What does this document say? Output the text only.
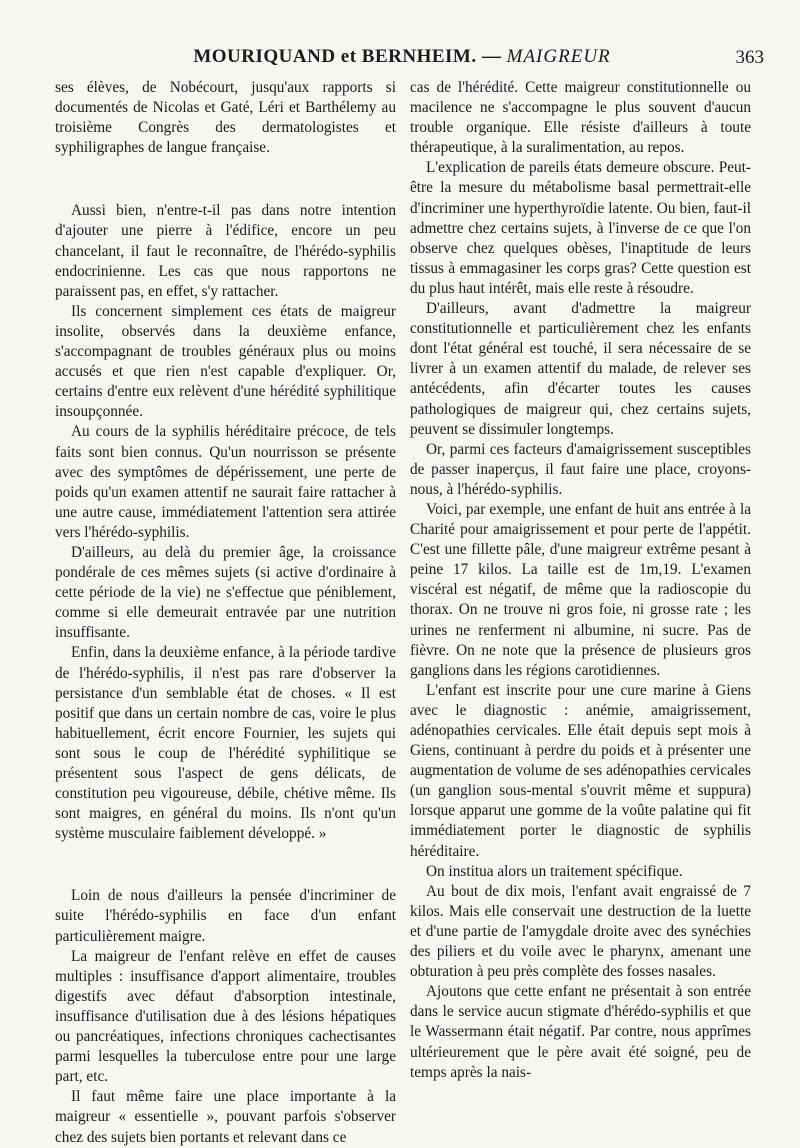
MOURIQUAND et BERNHEIM. — MAIGREUR	363

ses élèves, de Nobécourt, jusqu'aux rapports si documentés de Nicolas et Gaté, Léri et Barthélemy au troisième Congrès des dermatologistes et syphiligraphes de langue française.

Aussi bien, n'entre-t-il pas dans notre intention d'ajouter une pierre à l'édifice, encore un peu chancelant, il faut le reconnaître, de l'hérédo-syphilis endocrinienne. Les cas que nous rapportons ne paraissent pas, en effet, s'y rattacher.

Ils concernent simplement ces états de maigreur insolite, observés dans la deuxième enfance, s'accompagnant de troubles généraux plus ou moins accusés et que rien n'est capable d'expliquer. Or, certains d'entre eux relèvent d'une hérédité syphilitique insoupçonnée.

Au cours de la syphilis héréditaire précoce, de tels faits sont bien connus. Qu'un nourrisson se présente avec des symptômes de dépérissement, une perte de poids qu'un examen attentif ne saurait faire rattacher à une autre cause, immédiatement l'attention sera attirée vers l'hérédo-syphilis.

D'ailleurs, au delà du premier âge, la croissance pondérale de ces mêmes sujets (si active d'ordinaire à cette période de la vie) ne s'effectue que péniblement, comme si elle demeurait entravée par une nutrition insuffisante.

Enfin, dans la deuxième enfance, à la période tardive de l'hérédo-syphilis, il n'est pas rare d'observer la persistance d'un semblable état de choses. « Il est positif que dans un certain nombre de cas, voire le plus habituellement, écrit encore Fournier, les sujets qui sont sous le coup de l'hérédité syphilitique se présentent sous l'aspect de gens délicats, de constitution peu vigoureuse, débile, chétive même. Ils sont maigres, en général du moins. Ils n'ont qu'un système musculaire faiblement développé. »

Loin de nous d'ailleurs la pensée d'incriminer de suite l'hérédo-syphilis en face d'un enfant particulièrement maigre.

La maigreur de l'enfant relève en effet de causes multiples : insuffisance d'apport alimentaire, troubles digestifs avec défaut d'absorption intestinale, insuffisance d'utilisation due à des lésions hépatiques ou pancréatiques, infections chroniques cachectisantes parmi lesquelles la tuberculose entre pour une large part, etc.

Il faut même faire une place importante à la maigreur « essentielle », pouvant parfois s'observer chez des sujets bien portants et relevant dans ce

cas de l'hérédité. Cette maigreur constitutionnelle ou macilence ne s'accompagne le plus souvent d'aucun trouble organique. Elle résiste d'ailleurs à toute thérapeutique, à la suralimentation, au repos.

L'explication de pareils états demeure obscure. Peut-être la mesure du métabolisme basal permettrait-elle d'incriminer une hyperthyroïdie latente. Ou bien, faut-il admettre chez certains sujets, à l'inverse de ce que l'on observe chez quelques obèses, l'inaptitude de leurs tissus à emmagasiner les corps gras? Cette question est du plus haut intérêt, mais elle reste à résoudre.

D'ailleurs, avant d'admettre la maigreur constitutionnelle et particulièrement chez les enfants dont l'état général est touché, il sera nécessaire de se livrer à un examen attentif du malade, de relever ses antécédents, afin d'écarter toutes les causes pathologiques de maigreur qui, chez certains sujets, peuvent se dissimuler longtemps.

Or, parmi ces facteurs d'amaigrissement susceptibles de passer inaperçus, il faut faire une place, croyons-nous, à l'hérédo-syphilis.

Voici, par exemple, une enfant de huit ans entrée à la Charité pour amaigrissement et pour perte de l'appétit. C'est une fillette pâle, d'une maigreur extrême pesant à peine 17 kilos. La taille est de 1m,19. L'examen viscéral est négatif, de même que la radioscopie du thorax. On ne trouve ni gros foie, ni grosse rate ; les urines ne renferment ni albumine, ni sucre. Pas de fièvre. On ne note que la présence de plusieurs gros ganglions dans les régions carotidiennes.

L'enfant est inscrite pour une cure marine à Giens avec le diagnostic : anémie, amaigrissement, adénopathies cervicales. Elle était depuis sept mois à Giens, continuant à perdre du poids et à présenter une augmentation de volume de ses adénopathies cervicales (un ganglion sous-mental s'ouvrit même et suppura) lorsque apparut une gomme de la voûte palatine qui fit immédiatement porter le diagnostic de syphilis héréditaire.

On institua alors un traitement spécifique.

Au bout de dix mois, l'enfant avait engraissé de 7 kilos. Mais elle conservait une destruction de la luette et d'une partie de l'amygdale droite avec des synéchies des piliers et du voile avec le pharynx, amenant une obturation à peu près complète des fosses nasales.

Ajoutons que cette enfant ne présentait à son entrée dans le service aucun stigmate d'hérédo-syphilis et que le Wassermann était négatif. Par contre, nous apprîmes ultérieurement que le père avait été soigné, peu de temps après la nais-
